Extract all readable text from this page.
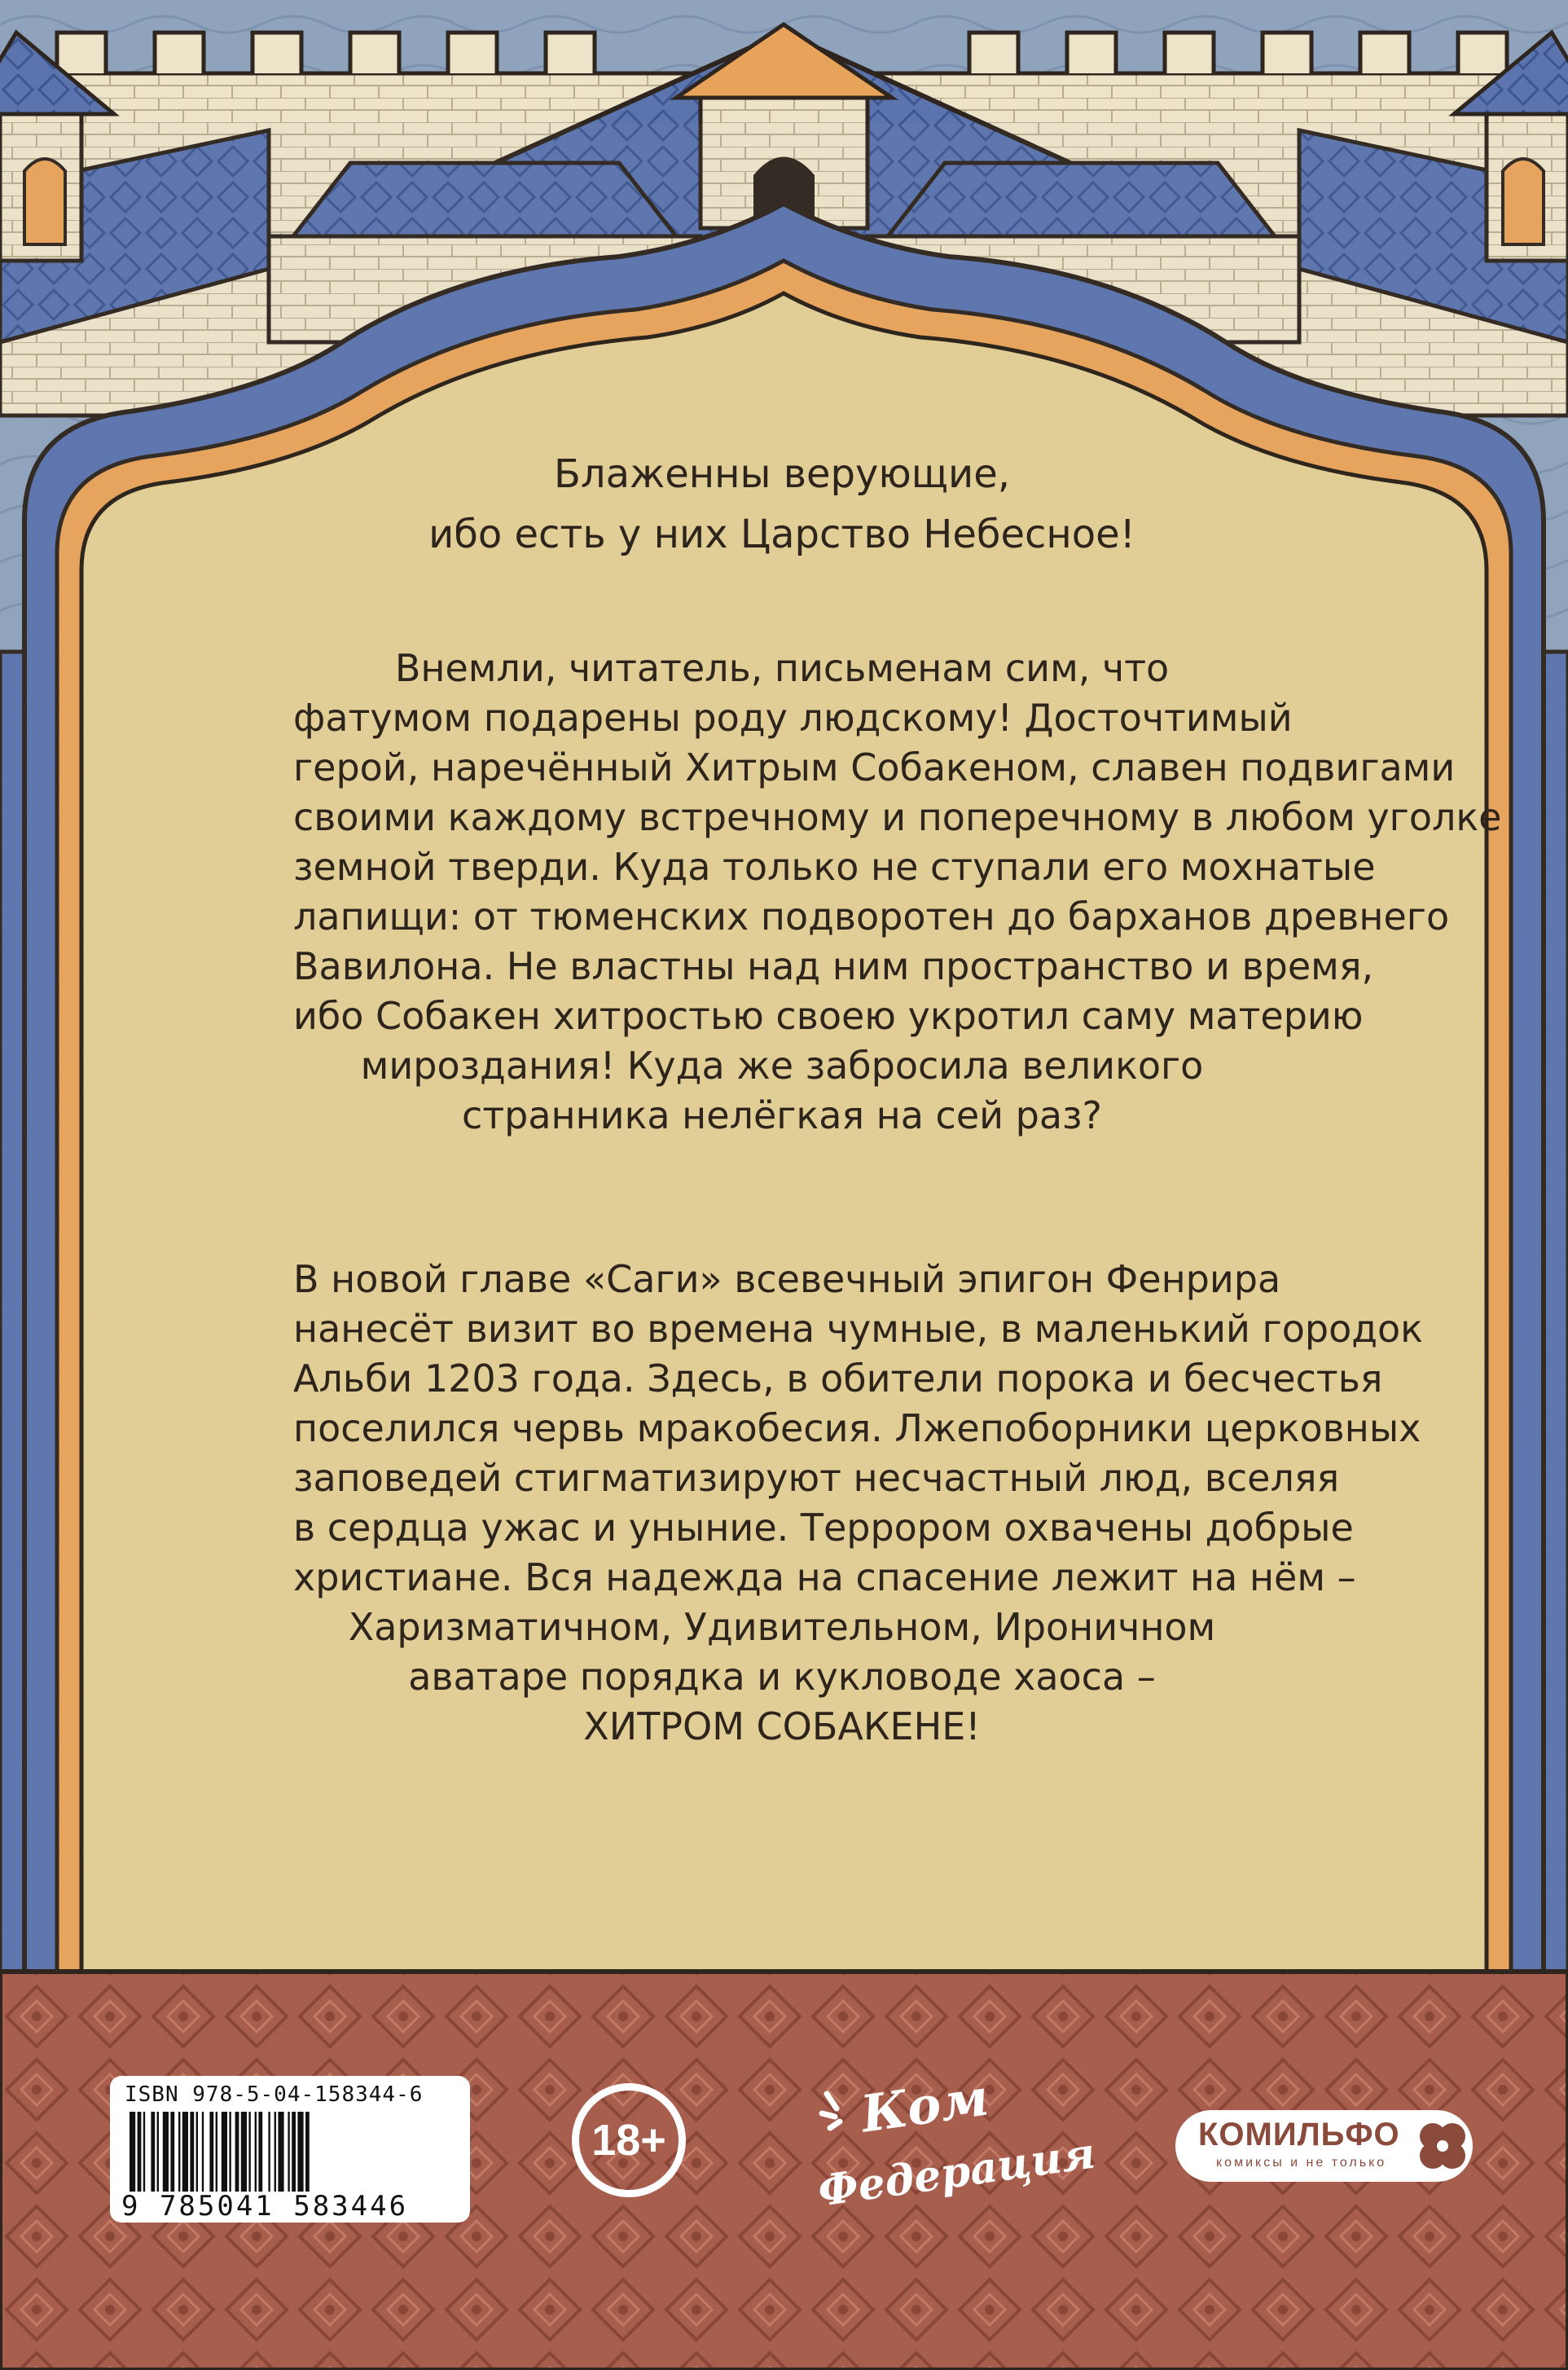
Блаженны верующие,
ибо есть у них Царство Небесное!
Внемли, читатель, письменам сим, что
фатумом подарены роду людскому! Досточтимый
герой, наречённый Хитрым Собакеном, славен подвигами
своими каждому встречному и поперечному в любом уголке
земной тверди. Куда только не ступали его мохнатые
лапищи: от тюменских подворотен до барханов древнего
Вавилона. Не властны над ним пространство и время,
ибо Собакен хитростью своею укротил саму материю
мироздания! Куда же забросила великого
странника нелёгкая на сей раз?
В новой главе «Саги» всевечный эпигон Фенрира
нанесёт визит во времена чумные, в маленький городок
Альби 1203 года. Здесь, в обители порока и бесчестья
поселился червь мракобесия. Лжепоборники церковных
заповедей стигматизируют несчастный люд, вселяя
в сердца ужас и уныние. Террором охвачены добрые
христиане. Вся надежда на спасение лежит на нём –
Харизматичном, Удивительном, Ироничном
аватаре порядка и кукловоде хаоса –
ХИТРОМ СОБАКЕНЕ!
ISBN 978-5-04-158344-6
9 785041 583446
18+	Ком
Федерация	КОМИЛЬФО
комиксы и не только
